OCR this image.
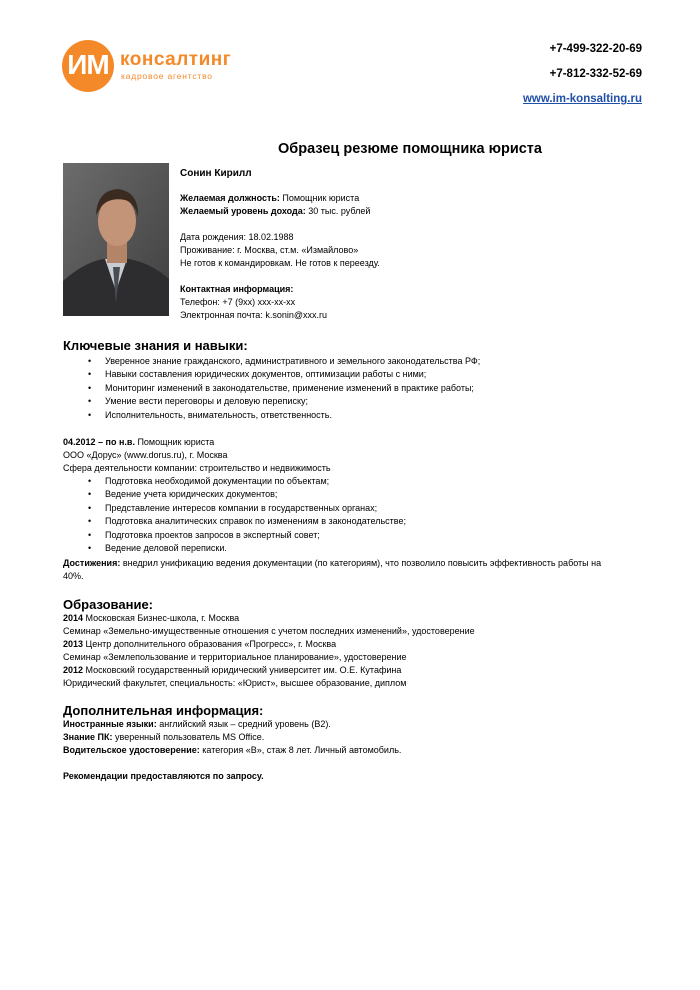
ИМ консалтинг
кадровое агентство
+7-499-322-20-69
+7-812-332-52-69
www.im-konsalting.ru
Образец резюме помощника юриста
Сонин Кирилл
Желаемая должность: Помощник юриста
Желаемый уровень дохода: 30 тыс. рублей
Дата рождения: 18.02.1988
Проживание: г. Москва, ст.м. «Измайлово»
Не готов к командировкам. Не готов к переезду.
Контактная информация:
Телефон: +7 (9хх) ххх-хх-хх
Электронная почта: k.sonin@xxx.ru
Ключевые знания и навыки:
• Уверенное знание гражданского, административного и земельного законодательства РФ;
• Навыки составления юридических документов, оптимизации работы с ними;
• Мониторинг изменений в законодательстве, применение изменений в практике работы;
• Умение вести переговоры и деловую переписку;
• Исполнительность, внимательность, ответственность.
04.2012 – по н.в. Помощник юриста
ООО «Дорус» (www.dorus.ru), г. Москва
Сфера деятельности компании: строительство и недвижимость
• Подготовка необходимой документации по объектам;
• Ведение учета юридических документов;
• Представление интересов компании в государственных органах;
• Подготовка аналитических справок по изменениям в законодательстве;
• Подготовка проектов запросов в экспертный совет;
• Ведение деловой переписки.
Достижения: внедрил унификацию ведения документации (по категориям), что позволило повысить эффективность работы на
40%.
Образование:
2014 Московская Бизнес-школа, г. Москва
Семинар «Земельно-имущественные отношения с учетом последних изменений», удостоверение
2013 Центр дополнительного образования «Прогресс», г. Москва
Семинар «Землепользование и территориальное планирование», удостоверение
2012 Московский государственный юридический университет им. О.Е. Кутафина
Юридический факультет, специальность: «Юрист», высшее образование, диплом
Дополнительная информация:
Иностранные языки: английский язык – средний уровень (B2).
Знание ПК: уверенный пользователь MS Office.
Водительское удостоверение: категория «В», стаж 8 лет. Личный автомобиль.
Рекомендации предоставляются по запросу.
